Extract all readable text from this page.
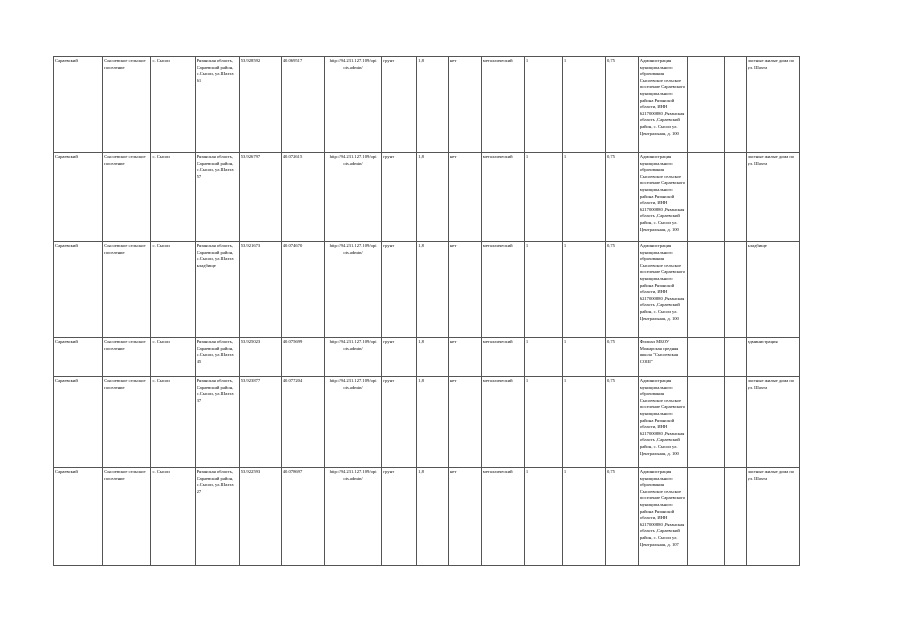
Сараевский	Сысоевское сельское поселение	с. Сысои	Рязанская область, Сараевский район, с.Сысои, ул.Шахта 61	53.928592	40.069517	http://94.231.127.109/opi ots.admin/	грунт	1,8	нет	металлический	1	1	0,75	Администрация муниципального образования Сысоевское сельское поселение Сараевского муниципального района Рязанской области, ИНН 6217000880 ,Рязанская область ,Сараевский район, с. Сысои ул. Центральная, д. 100			частные жилые дома по ул. Шахта

Сараевский	Сысоевское сельское поселение	с. Сысои	Рязанская область, Сараевский район, с.Сысои, ул.Шахта 57	53.926797	40.072615	http://94.231.127.109/opi ots.admin/	грунт	1,8	нет	металлический	1	1	0,75	Администрация муниципального образования Сысоевское сельское поселение Сараевского муниципального района Рязанской области, ИНН 6217000880 ,Рязанская область ,Сараевский район, с. Сысои ул. Центральная, д. 100			частные жилые дома по ул. Шахта

Сараевский	Сысоевское сельское поселение	с. Сысои	Рязанская область, Сараевский район, с.Сысои, ул.Шахта кладбище	53.921673	40.074670	http://94.231.127.109/opi ots.admin/	грунт	1,8	нет	металлический	1	1	0,75	Администрация муниципального образования Сысоевское сельское поселение Сараевского муниципального района Рязанской области, ИНН 6217000880 ,Рязанская область ,Сараевский район, с. Сысои ул. Центральная, д. 100			кладбище

Сараевский	Сысоевское сельское поселение	с. Сысои	Рязанская область, Сараевский район, с.Сысои, ул.Шахта 45	53.925023	40.075699	http://94.231.127.109/opi ots.admin/	грунт	1,8	нет	металлический	1	1	0,75	Филиал МБОУ Можарская средняя школа "Сысоевская СОШ"			администрация

Сараевский	Сысоевское сельское поселение	с. Сысои	Рязанская область, Сараевский район, с.Сысои, ул.Шахта 37	53.923877	40.077204	http://94.231.127.109/opi ots.admin/	грунт	1,8	нет	металлический	1	1	0,75	Администрация муниципального образования Сысоевское сельское поселение Сараевского муниципального района Рязанской области, ИНН 6217000880 ,Рязанская область ,Сараевский район, с. Сысои ул. Центральная, д. 100			частные жилые дома по ул. Шахта

Сараевский	Сысоевское сельское поселение	с. Сысои	Рязанская область, Сараевский район, с.Сысои, ул.Шахта 27	53.922593	40.078697	http://94.231.127.109/opi ots.admin/	грунт	1,8	нет	металлический	1	1	0,75	Администрация муниципального образования Сысоевское сельское поселение Сараевского муниципального района Рязанской области, ИНН 6217000880 ,Рязанская область ,Сараевский район, с. Сысои ул. Центральная, д. 107			частные жилые дома по ул. Шахта
